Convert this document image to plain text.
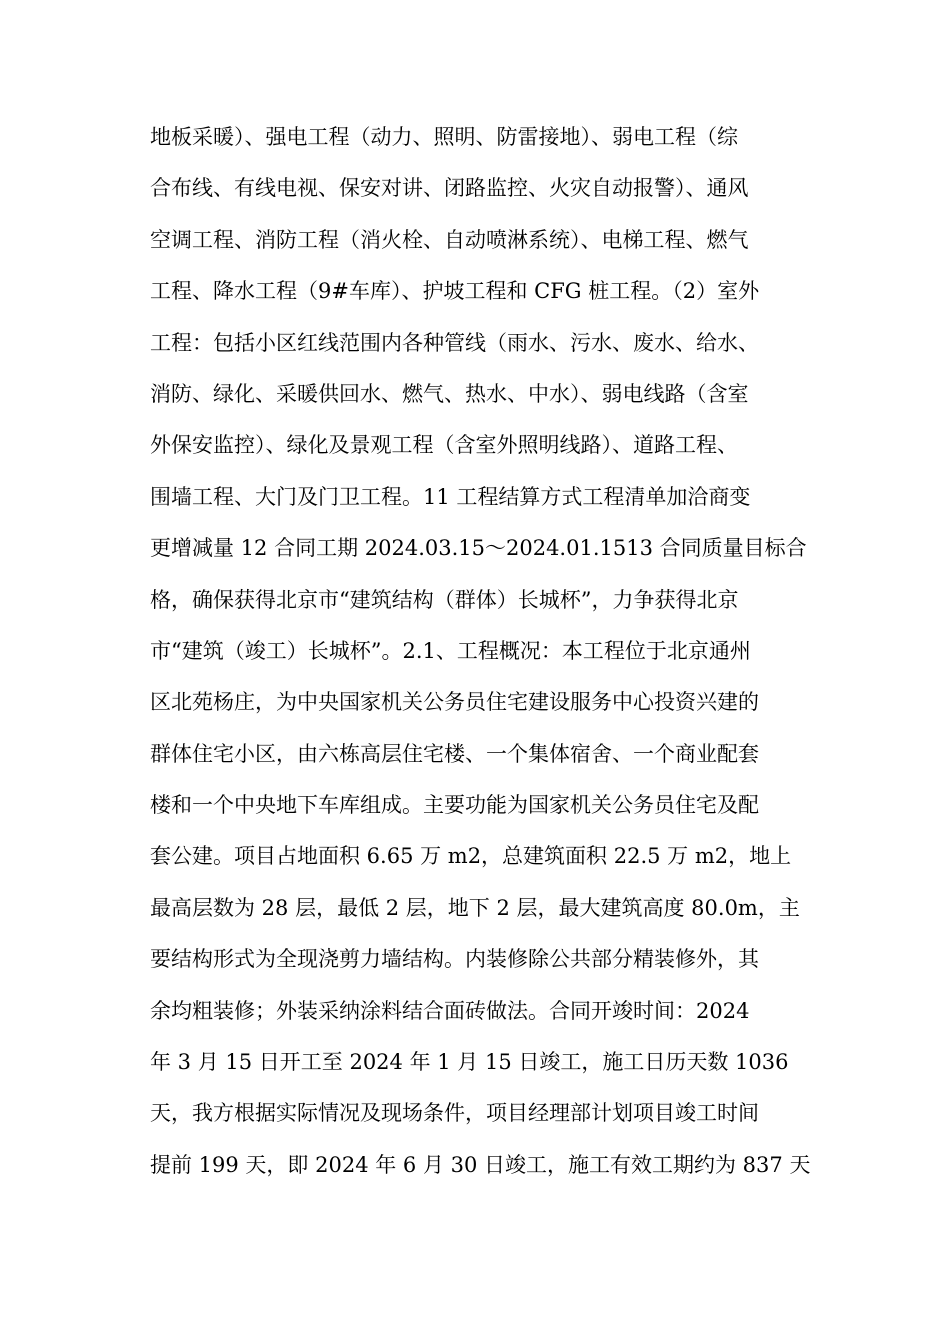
地板采暖）、强电工程（动力、照明、防雷接地）、弱电工程（综
合布线、有线电视、保安对讲、闭路监控、火灾自动报警）、通风
空调工程、消防工程（消火栓、自动喷淋系统）、电梯工程、燃气
工程、降水工程（9#车库）、护坡工程和 CFG 桩工程。（2）室外
工程：包括小区红线范围内各种管线（雨水、污水、废水、给水、
消防、绿化、采暖供回水、燃气、热水、中水）、弱电线路（含室
外保安监控）、绿化及景观工程（含室外照明线路）、道路工程、
围墙工程、大门及门卫工程。11 工程结算方式工程清单加洽商变
更增减量 12 合同工期 2024.03.15～2024.01.1513 合同质量目标合
格，确保获得北京市“建筑结构（群体）长城杯”，力争获得北京
市“建筑（竣工）长城杯”。2.1、工程概况：本工程位于北京通州
区北苑杨庄，为中央国家机关公务员住宅建设服务中心投资兴建的
群体住宅小区，由六栋高层住宅楼、一个集体宿舍、一个商业配套
楼和一个中央地下车库组成。主要功能为国家机关公务员住宅及配
套公建。项目占地面积 6.65 万 m2，总建筑面积 22.5 万 m2，地上
最高层数为 28 层，最低 2 层，地下 2 层，最大建筑高度 80.0m，主
要结构形式为全现浇剪力墙结构。内装修除公共部分精装修外，其
余均粗装修；外装采纳涂料结合面砖做法。合同开竣时间：2024
年 3 月 15 日开工至 2024 年 1 月 15 日竣工，施工日历天数 1036
天，我方根据实际情况及现场条件，项目经理部计划项目竣工时间
提前 199 天，即 2024 年 6 月 30 日竣工，施工有效工期约为 837 天
